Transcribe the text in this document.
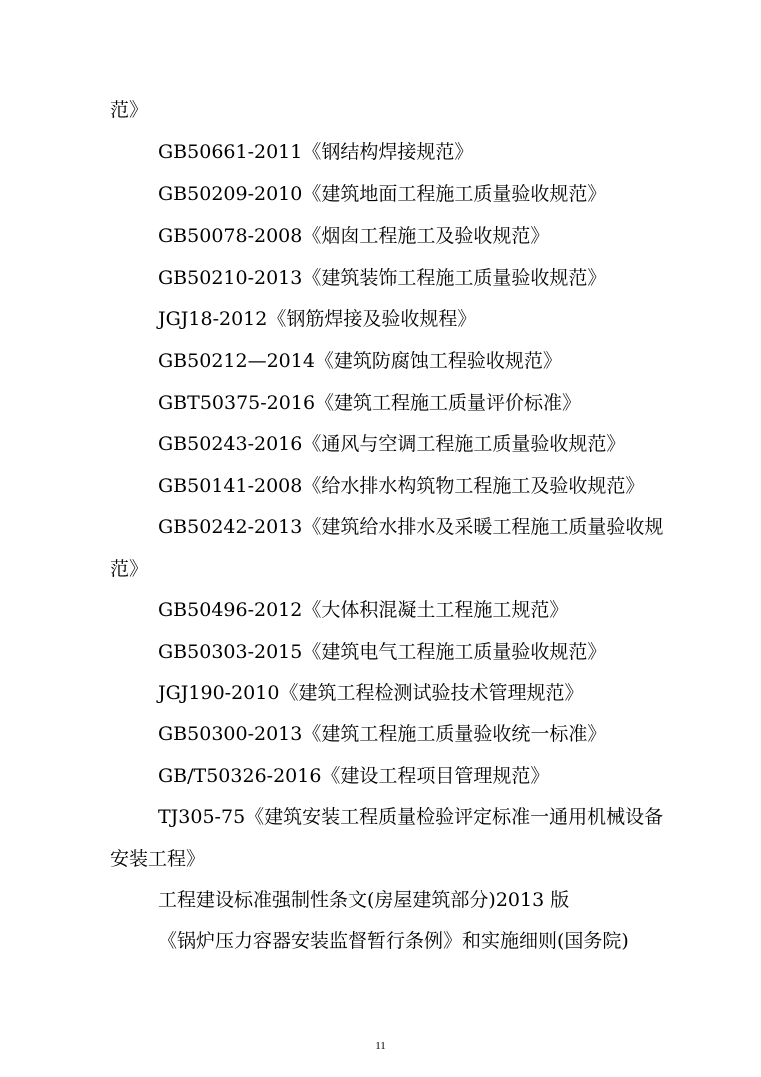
范》
GB50661-2011《钢结构焊接规范》
GB50209-2010《建筑地面工程施工质量验收规范》
GB50078-2008《烟囱工程施工及验收规范》
GB50210-2013《建筑装饰工程施工质量验收规范》
JGJ18-2012《钢筋焊接及验收规程》
GB50212—2014《建筑防腐蚀工程验收规范》
GBT50375-2016《建筑工程施工质量评价标准》
GB50243-2016《通风与空调工程施工质量验收规范》
GB50141-2008《给水排水构筑物工程施工及验收规范》
GB50242-2013《建筑给水排水及采暖工程施工质量验收规
范》
GB50496-2012《大体积混凝土工程施工规范》
GB50303-2015《建筑电气工程施工质量验收规范》
JGJ190-2010《建筑工程检测试验技术管理规范》
GB50300-2013《建筑工程施工质量验收统一标准》
GB/T50326-2016《建设工程项目管理规范》
TJ305-75《建筑安装工程质量检验评定标准一通用机械设备
安装工程》
工程建设标准强制性条文(房屋建筑部分)2013 版
《锅炉压力容器安装监督暂行条例》和实施细则(国务院)
11
